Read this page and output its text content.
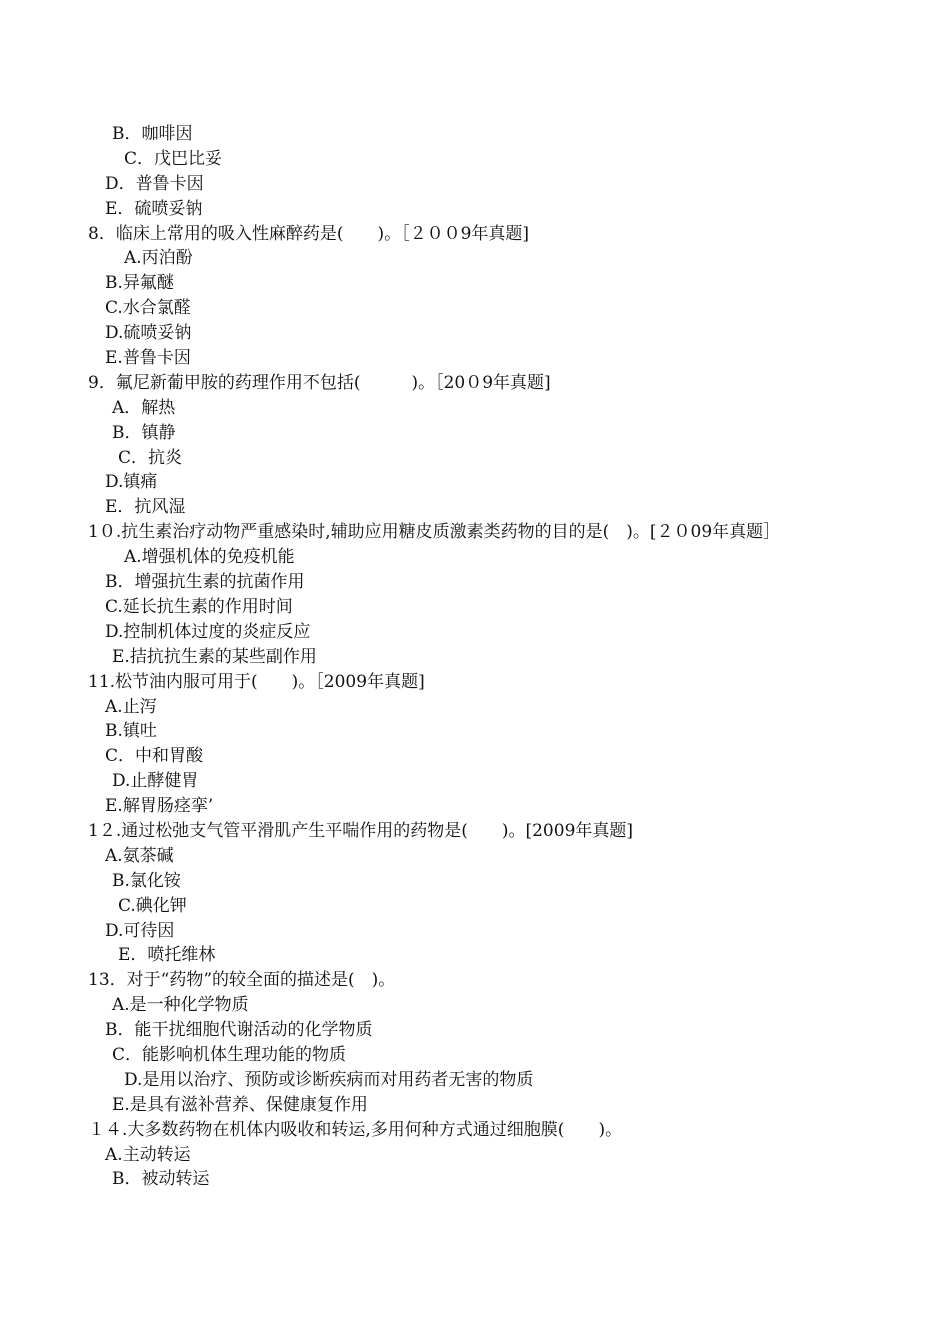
B．咖啡因
C．戊巴比妥
D．普鲁卡因
E．硫喷妥钠
8．临床上常用的吸入性麻醉药是(　　)。［２００9年真题]
A.丙泊酚
B.异氟醚
C.水合氯醛
D.硫喷妥钠
E.普鲁卡因
9．氟尼新葡甲胺的药理作用不包括(　　　)。［20０9年真题]
A．解热
B．镇静
C．抗炎
D.镇痛
E．抗风湿
1０.抗生素治疗动物严重感染时,辅助应用糖皮质激素类药物的目的是(　)。[２０09年真题］
A.增强机体的免疫机能
B．增强抗生素的抗菌作用
C.延长抗生素的作用时间
D.控制机体过度的炎症反应
E.拮抗抗生素的某些副作用
11.松节油内服可用于(　　)。［2009年真题]
A.止泻
B.镇吐
C．中和胃酸
D.止酵健胃
E.解胃肠痉挛’
1２.通过松弛支气管平滑肌产生平喘作用的药物是(　　)。[2009年真题]
A.氨茶碱
B.氯化铵
C.碘化钾
D.可待因
E．喷托维林
13．对于“药物”的较全面的描述是(　)。
A.是一种化学物质
B．能干扰细胞代谢活动的化学物质
C．能影响机体生理功能的物质
D.是用以治疗、预防或诊断疾病而对用药者无害的物质
E.是具有滋补营养、保健康复作用
１４.大多数药物在机体内吸收和转运,多用何种方式通过细胞膜(　　)。
A.主动转运
B．被动转运
